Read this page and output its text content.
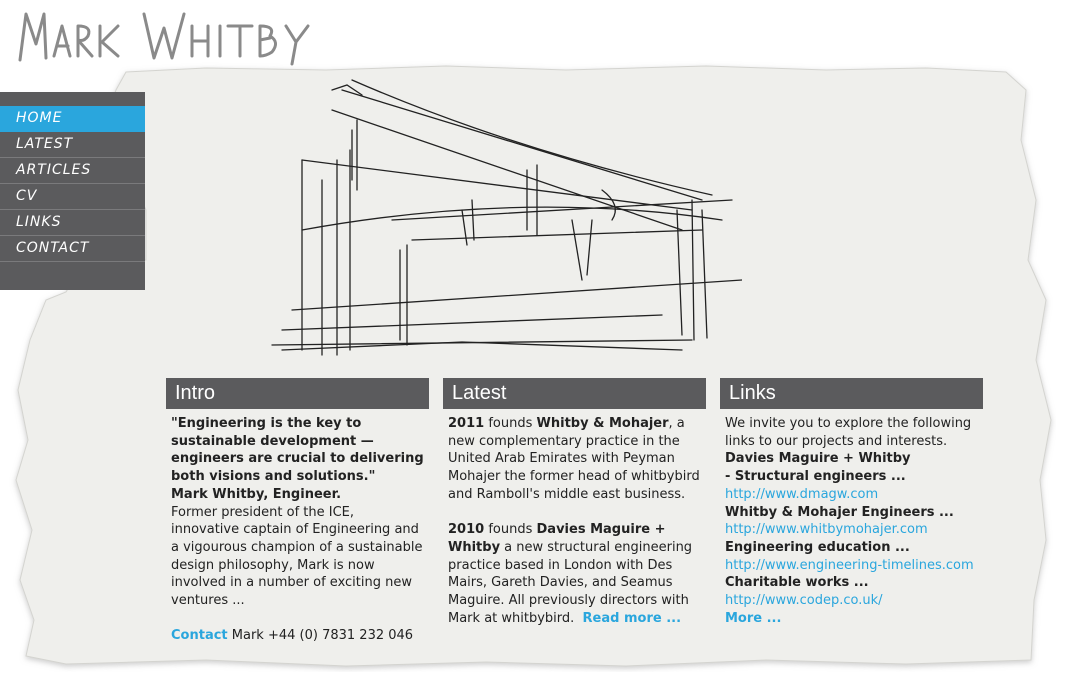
HOME
LATEST
ARTICLES
CV
LINKS
CONTACT
Intro

"Engineering is the key to sustainable development — engineers are crucial to delivering both visions and solutions."

Mark Whitby, Engineer.

Former president of the ICE, innovative captain of Engineering and a vigourous champion of a sustainable design philosophy, Mark is now involved in a number of exciting new ventures ...

Contact Mark +44 (0) 7831 232 046

Latest

2011 founds Whitby & Mohajer, a new complementary practice in the United Arab Emirates with Peyman Mohajer the former head of whitbybird and Ramboll's middle east business.

2010 founds Davies Maguire + Whitby a new structural engineering practice based in London with Des Mairs, Gareth Davies, and Seamus Maguire. All previously directors with Mark at whitbybird. Read more ...

Links

We invite you to explore the following links to our projects and interests.

Davies Maguire + Whitby

- Structural engineers ...

http://www.dmagw.com

Whitby & Mohajer Engineers ...

http://www.whitbymohajer.com

Engineering education ...

http://www.engineering-timelines.com

Charitable works ...

http://www.codep.co.uk/

More ...
